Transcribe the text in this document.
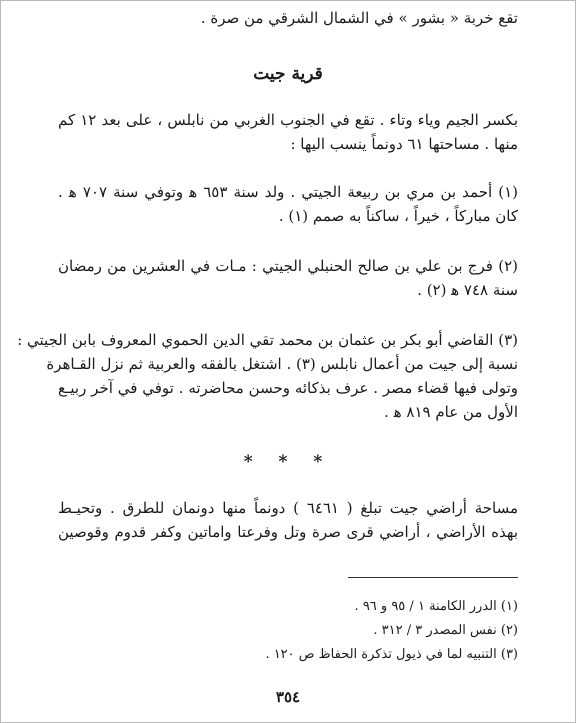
تقع خربة « بشور » في الشمال الشرقي من صرة .
قرية جيت
بكسر الجيم وياء وتاء . تقع في الجنوب الغربي من نابلس ، على بعد ١٢ كم
منها . مساحتها ٦١ دونماً ينسب اليها :
(١) أحمد بن مري بن ربيعة الجيتي . ولد سنة ٦٥٣ ﻫ وتوفي سنة ٧٠٧ ﻫ .
كان مباركاً ، خيراً ، ساكناً به صمم (١) .
(٢) فرج بن علي بن صالح الحنبلي الجيتي : مـات في العشرين من رمضان
سنة ٧٤٨ ﻫ (٢) .
(٣) القاضي أبو بكر بن عثمان بن محمد تقي الدين الحموي المعروف بابن الجيتي :
نسبة إلى جيت من أعمال نابلس (٣) . اشتغل بالفقه والعربية ثم نزل القـاهرة
وتولى فيها قضاء مصر . عرف بذكائه وحسن محاضرته . توفي في آخر ربيـع
الأول من عام ٨١٩ ﻫ .
* * *
مساحة أراضي جيت تبلغ ( ٦٤٦١ ) دونماً منها دونمان للطرق . وتحيـط
بهذه الأراضي ، أراضي قرى صرة وتل وفرعتا واماتين وكفر قدوم وقوصين
(١) الدرر الكامنة ١ / ٩٥ و ٩٦ .
(٢) نفس المصدر ٣ / ٣١٢ .
(٣) التنبيه لما في ذيول تذكرة الحفاظ ص ١٢٠ .
٣٥٤
